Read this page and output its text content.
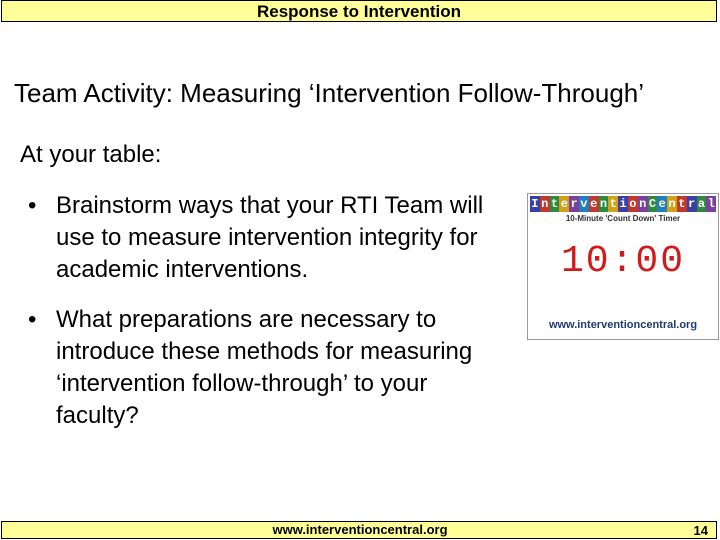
Response to Intervention
Team Activity: Measuring ‘Intervention Follow-Through’
At your table:
• Brainstorm ways that your RTI Team will use to measure intervention integrity for academic interventions.
• What preparations are necessary to introduce these methods for measuring ‘intervention follow-through’ to your faculty?
I n t e r v e n t i o n C e n t r a l
10-Minute 'Count Down' Timer
10:00
www.interventioncentral.org
www.interventioncentral.org	14
